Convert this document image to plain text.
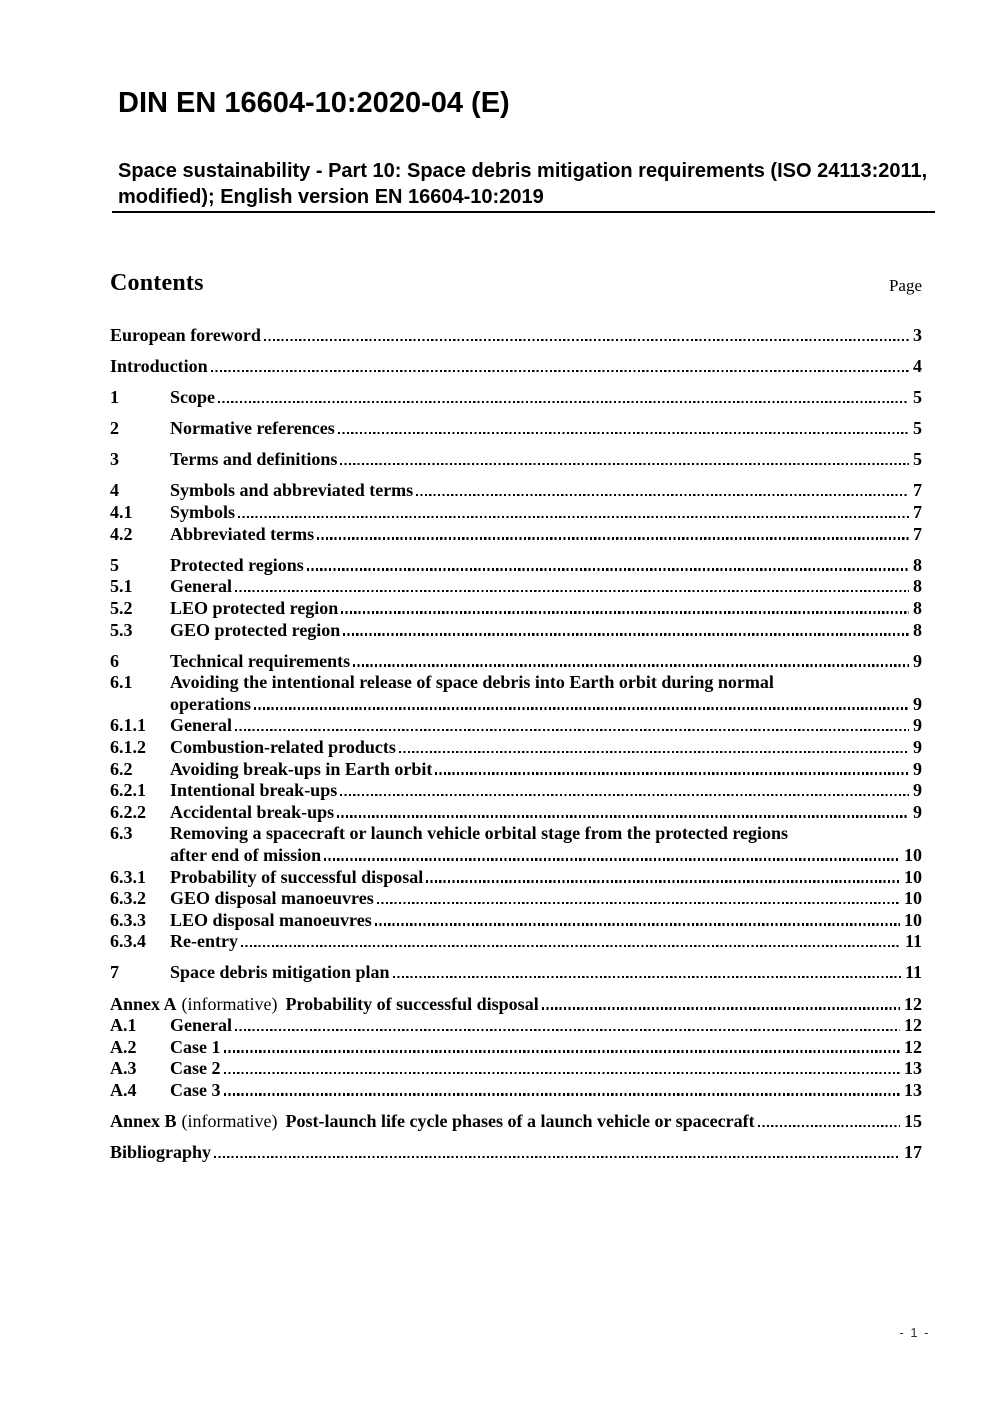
DIN EN 16604-10:2020-04 (E)
Space sustainability - Part 10: Space debris mitigation requirements (ISO 24113:2011,
modified); English version EN 16604-10:2019
Contents	Page
European foreword	3
Introduction	4
1	Scope	5
2	Normative references	5
3	Terms and definitions	5
4	Symbols and abbreviated terms	7
4.1	Symbols	7
4.2	Abbreviated terms	7
5	Protected regions	8
5.1	General	8
5.2	LEO protected region	8
5.3	GEO protected region	8
6	Technical requirements	9
6.1	Avoiding the intentional release of space debris into Earth orbit during normal
operations	9
6.1.1	General	9
6.1.2	Combustion-related products	9
6.2	Avoiding break-ups in Earth orbit	9
6.2.1	Intentional break-ups	9
6.2.2	Accidental break-ups	9
6.3	Removing a spacecraft or launch vehicle orbital stage from the protected regions
after end of mission	10
6.3.1	Probability of successful disposal	10
6.3.2	GEO disposal manoeuvres	10
6.3.3	LEO disposal manoeuvres	10
6.3.4	Re-entry	11
7	Space debris mitigation plan	11
Annex A (informative) Probability of successful disposal	12
A.1	General	12
A.2	Case 1	12
A.3	Case 2	13
A.4	Case 3	13
Annex B (informative) Post-launch life cycle phases of a launch vehicle or spacecraft	15
Bibliography	17
- 1 -
